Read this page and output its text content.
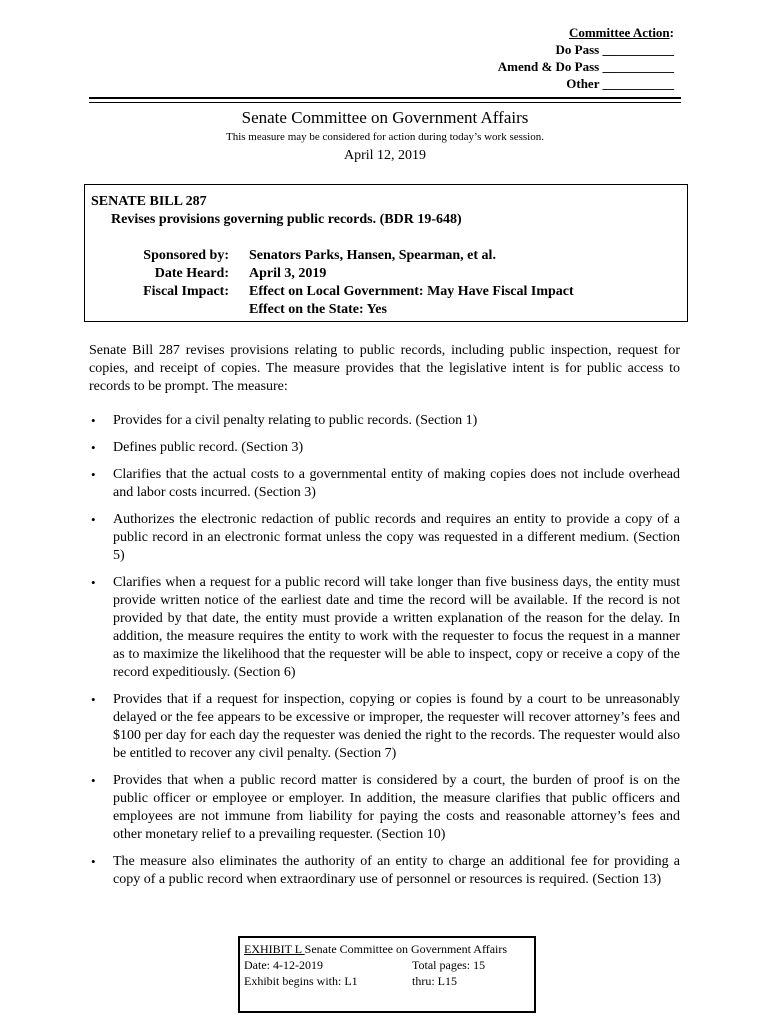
Committee Action:
Do Pass ___________
Amend & Do Pass ___________
Other ___________
Senate Committee on Government Affairs
This measure may be considered for action during today’s work session.
April 12, 2019
SENATE BILL 287
Revises provisions governing public records. (BDR 19-648)
Sponsored by:
Date Heard:
Fiscal Impact:
Senators Parks, Hansen, Spearman, et al.
April 3, 2019
Effect on Local Government: May Have Fiscal Impact
Effect on the State: Yes
Senate Bill 287 revises provisions relating to public records, including public inspection, request for copies, and receipt of copies. The measure provides that the legislative intent is for public access to records to be prompt. The measure:
• Provides for a civil penalty relating to public records. (Section 1)
• Defines public record. (Section 3)
• Clarifies that the actual costs to a governmental entity of making copies does not include overhead and labor costs incurred. (Section 3)
• Authorizes the electronic redaction of public records and requires an entity to provide a copy of a public record in an electronic format unless the copy was requested in a different medium. (Section 5)
• Clarifies when a request for a public record will take longer than five business days, the entity must provide written notice of the earliest date and time the record will be available. If the record is not provided by that date, the entity must provide a written explanation of the reason for the delay. In addition, the measure requires the entity to work with the requester to focus the request in a manner as to maximize the likelihood that the requester will be able to inspect, copy or receive a copy of the record expeditiously. (Section 6)
• Provides that if a request for inspection, copying or copies is found by a court to be unreasonably delayed or the fee appears to be excessive or improper, the requester will recover attorney’s fees and $100 per day for each day the requester was denied the right to the records. The requester would also be entitled to recover any civil penalty. (Section 7)
• Provides that when a public record matter is considered by a court, the burden of proof is on the public officer or employee or employer. In addition, the measure clarifies that public officers and employees are not immune from liability for paying the costs and reasonable attorney’s fees and other monetary relief to a prevailing requester. (Section 10)
• The measure also eliminates the authority of an entity to charge an additional fee for providing a copy of a public record when extraordinary use of personnel or resources is required. (Section 13)
EXHIBIT L Senate Committee on Government Affairs
Date: 4-12-2019	Total pages: 15
Exhibit begins with: L1	thru: L15
